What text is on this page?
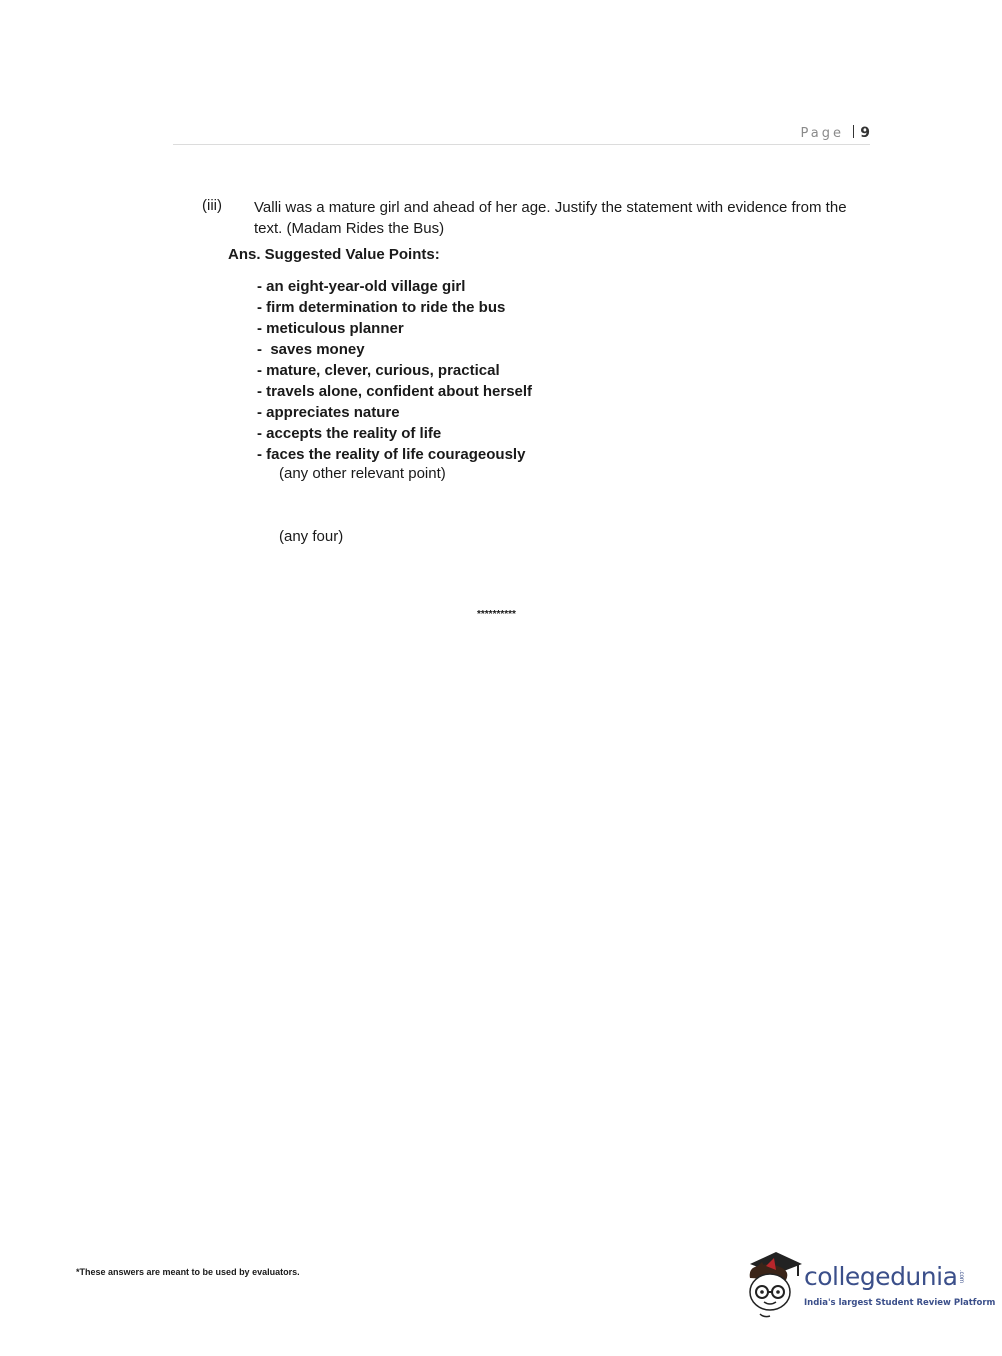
Page	9
(iii) Valli was a mature girl and ahead of her age. Justify the statement with evidence from the text. (Madam Rides the Bus)
Ans. Suggested Value Points:
- an eight-year-old village girl
- firm determination to ride the bus
- meticulous planner
-  saves money
- mature, clever, curious, practical
- travels alone, confident about herself
- appreciates nature
- accepts the reality of life
- faces the reality of life courageously
(any other relevant point)
(any four)
**********
*These answers are meant to be used by evaluators.	collegedunia .com
India's largest Student Review Platform
